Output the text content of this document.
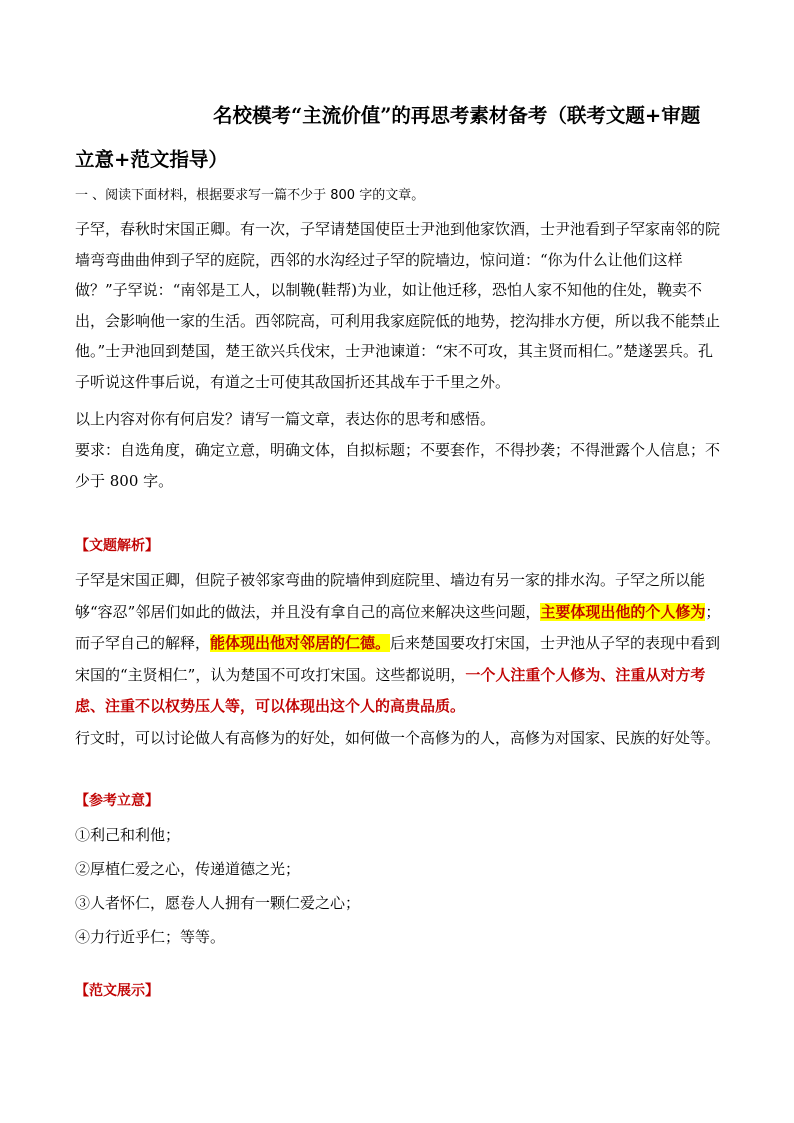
名校模考“主流价值”的再思考素材备考（联考文题+审题
立意+范文指导）
一 、阅读下面材料，根据要求写一篇不少于 800 字的文章。
子罕，春秋时宋国正卿。有一次，子罕请楚国使臣士尹池到他家饮酒，士尹池看到子罕家南邻的院墙弯弯曲曲伸到子罕的庭院，西邻的水沟经过子罕的院墙边，惊问道：“你为什么让他们这样做？”子罕说：“南邻是工人，以制鞔(鞋帮)为业，如让他迁移，恐怕人家不知他的住处，鞔卖不出，会影响他一家的生活。西邻院高，可利用我家庭院低的地势，挖沟排水方便，所以我不能禁止他。”士尹池回到楚国，楚王欲兴兵伐宋，士尹池谏道：“宋不可攻，其主贤而相仁。”楚遂罢兵。孔子听说这件事后说，有道之士可使其敌国折还其战车于千里之外。
以上内容对你有何启发？请写一篇文章，表达你的思考和感悟。
要求：自选角度，确定立意，明确文体，自拟标题；不要套作，不得抄袭；不得泄露个人信息；不少于 800 字。
【文题解析】
子罕是宋国正卿，但院子被邻家弯曲的院墙伸到庭院里、墙边有另一家的排水沟。子罕之所以能够“容忍”邻居们如此的做法，并且没有拿自己的高位来解决这些问题，主要体现出他的个人修为；而子罕自己的解释，能体现出他对邻居的仁德。后来楚国要攻打宋国，士尹池从子罕的表现中看到宋国的“主贤相仁”，认为楚国不可攻打宋国。这些都说明，一个人注重个人修为、注重从对方考虑、注重不以权势压人等，可以体现出这个人的高贵品质。
行文时，可以讨论做人有高修为的好处，如何做一个高修为的人，高修为对国家、民族的好处等。
【参考立意】
①利己和利他；
②厚植仁爱之心，传递道德之光；
③人者怀仁，愿卷人人拥有一颗仁爱之心；
④力行近乎仁；等等。
【范文展示】
